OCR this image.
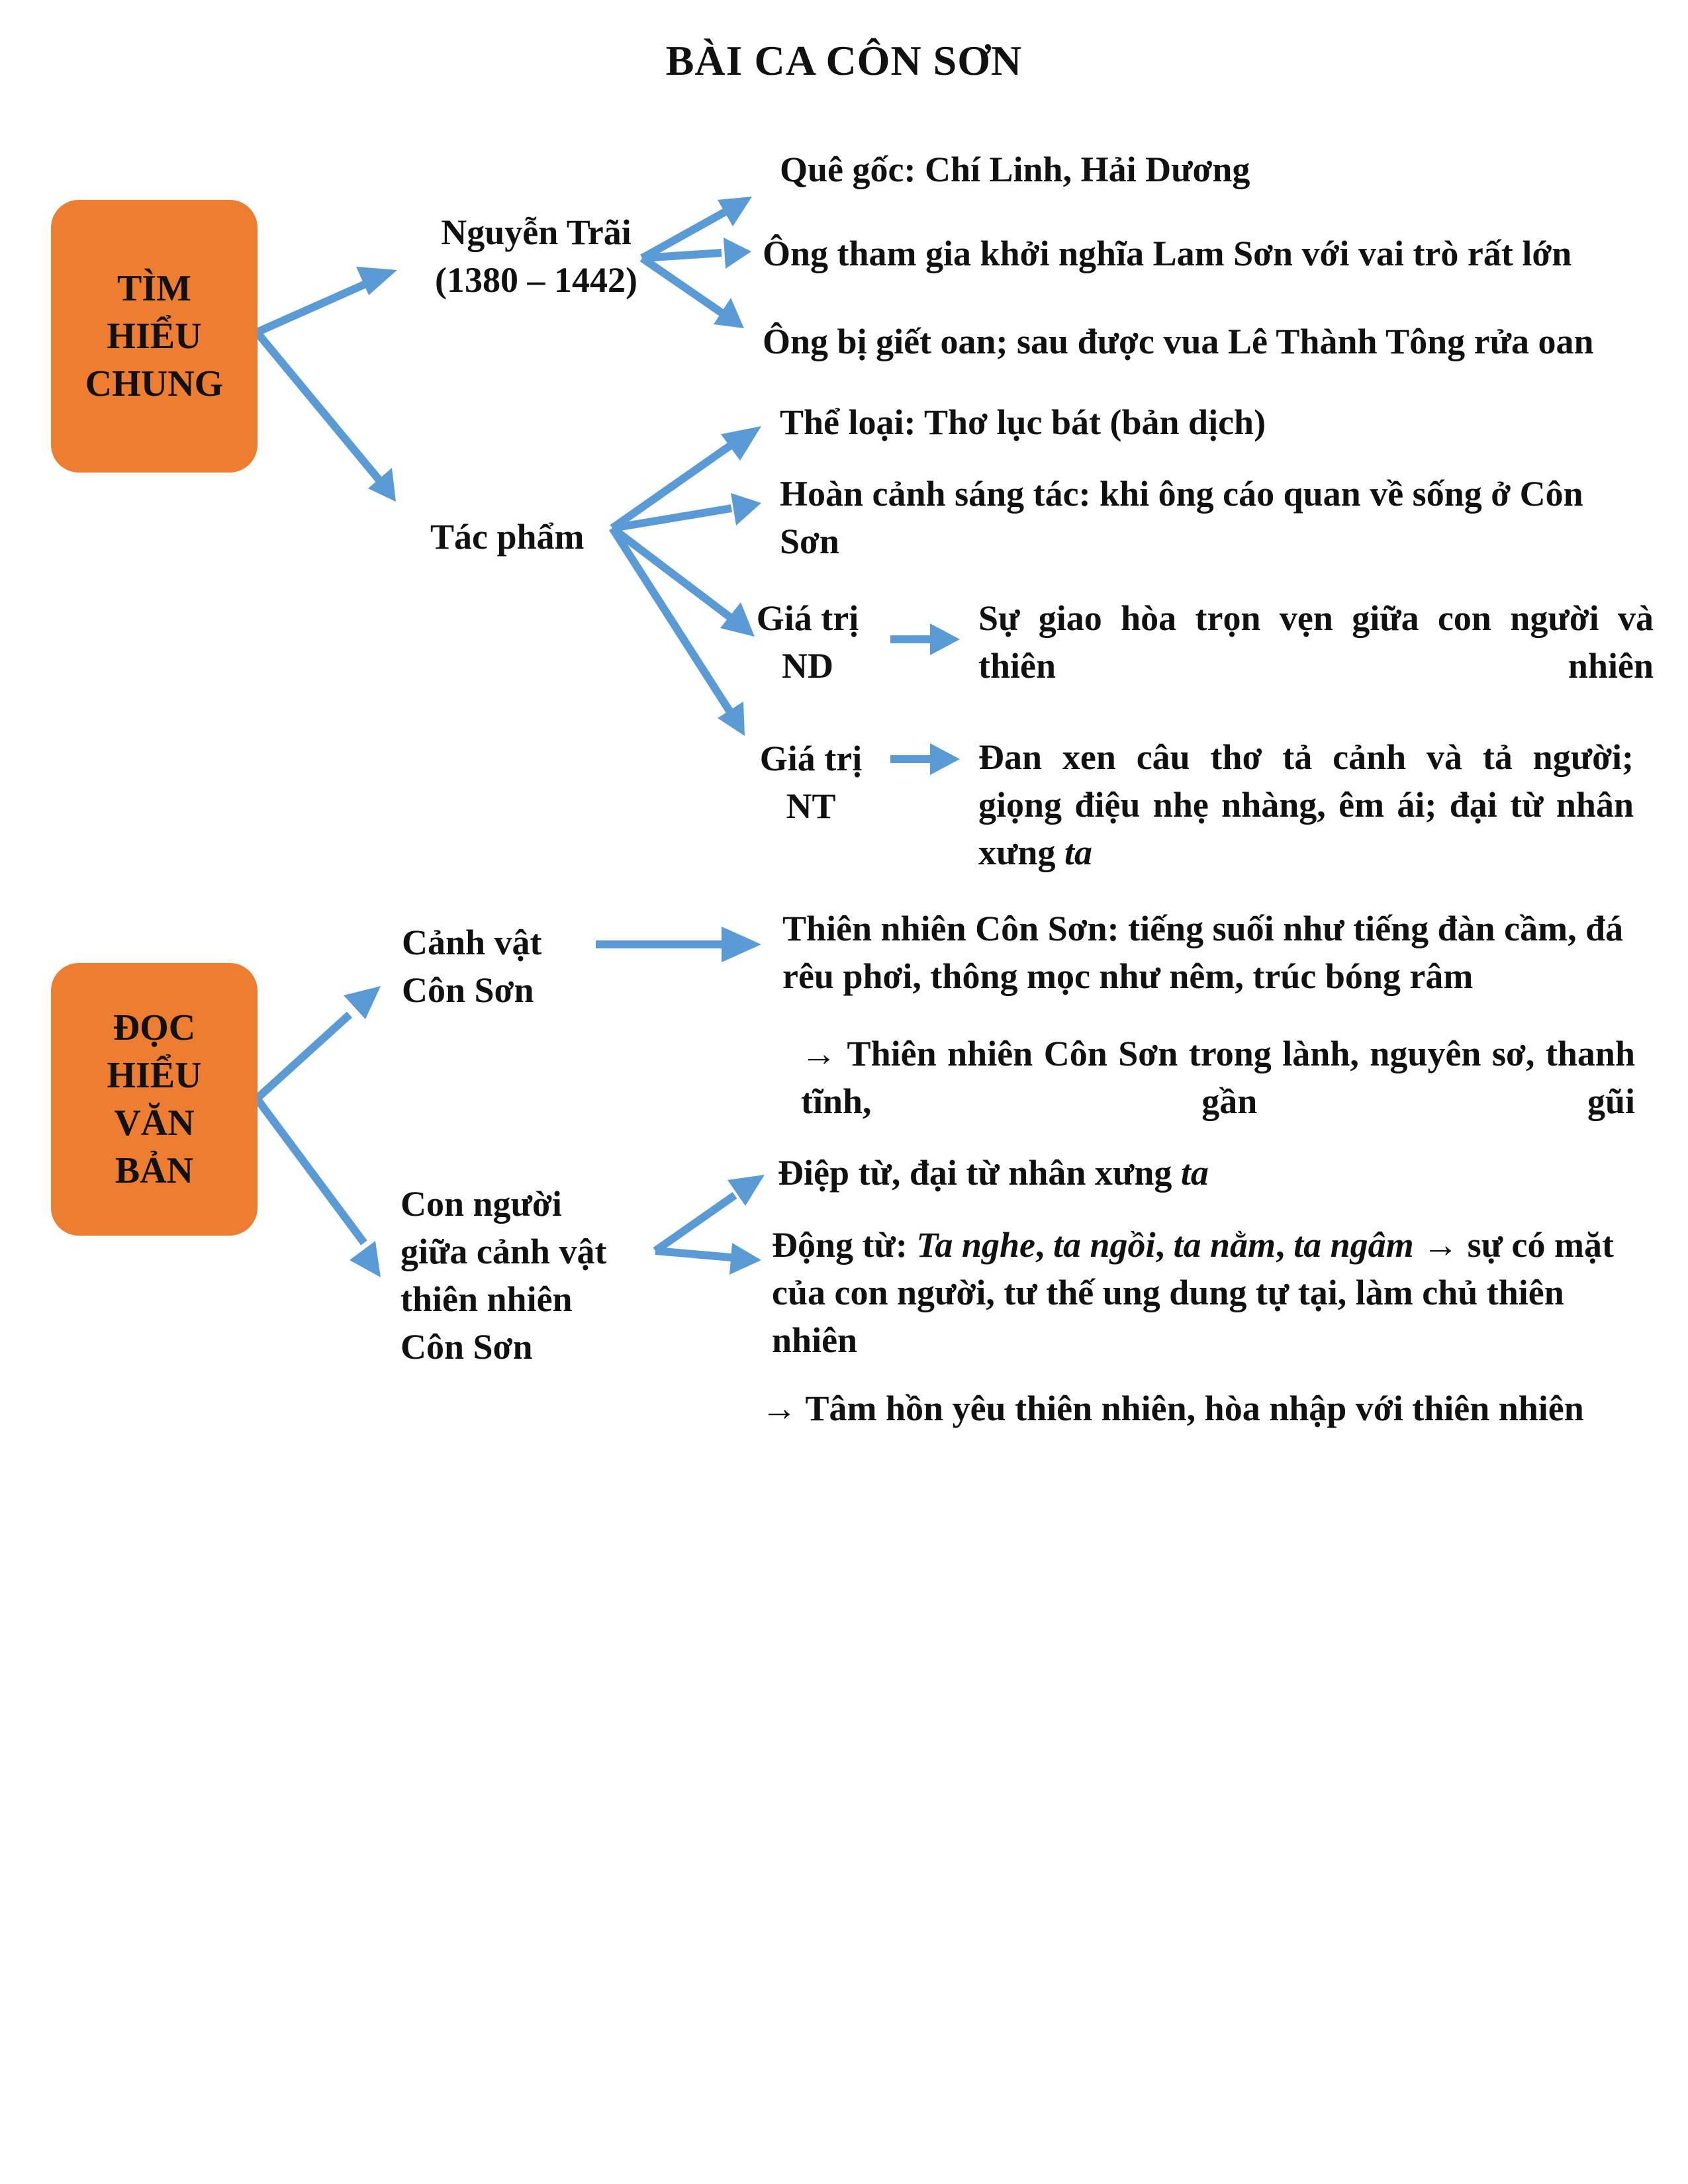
BÀI CA CÔN SƠN
TÌM
HIỂU
CHUNG
Nguyễn Trãi
(1380 – 1442)
Quê gốc: Chí Linh, Hải Dương
Ông tham gia khởi nghĩa Lam Sơn với vai trò rất lớn
Ông bị giết oan; sau được vua Lê Thành Tông rửa oan
Tác phẩm
Thể loại: Thơ lục bát (bản dịch)
Hoàn cảnh sáng tác: khi ông cáo quan về sống ở Côn Sơn
Giá trị
ND
Sự giao hòa trọn vẹn giữa con người và thiên nhiên
Giá trị
NT
Đan xen câu thơ tả cảnh và tả người; giọng điệu nhẹ nhàng, êm ái; đại từ nhân xưng ta
ĐỌC
HIỂU
VĂN
BẢN
Cảnh vật
Côn Sơn
Thiên nhiên Côn Sơn: tiếng suối như tiếng đàn cầm, đá rêu phơi, thông mọc như nêm, trúc bóng râm
→ Thiên nhiên Côn Sơn trong lành, nguyên sơ, thanh tĩnh, gần gũi
Con người
giữa cảnh vật
thiên nhiên
Côn Sơn
Điệp từ, đại từ nhân xưng ta
Động từ: Ta nghe, ta ngồi, ta nằm, ta ngâm → sự có mặt của con người, tư thế ung dung tự tại, làm chủ thiên nhiên
→ Tâm hồn yêu thiên nhiên, hòa nhập với thiên nhiên
